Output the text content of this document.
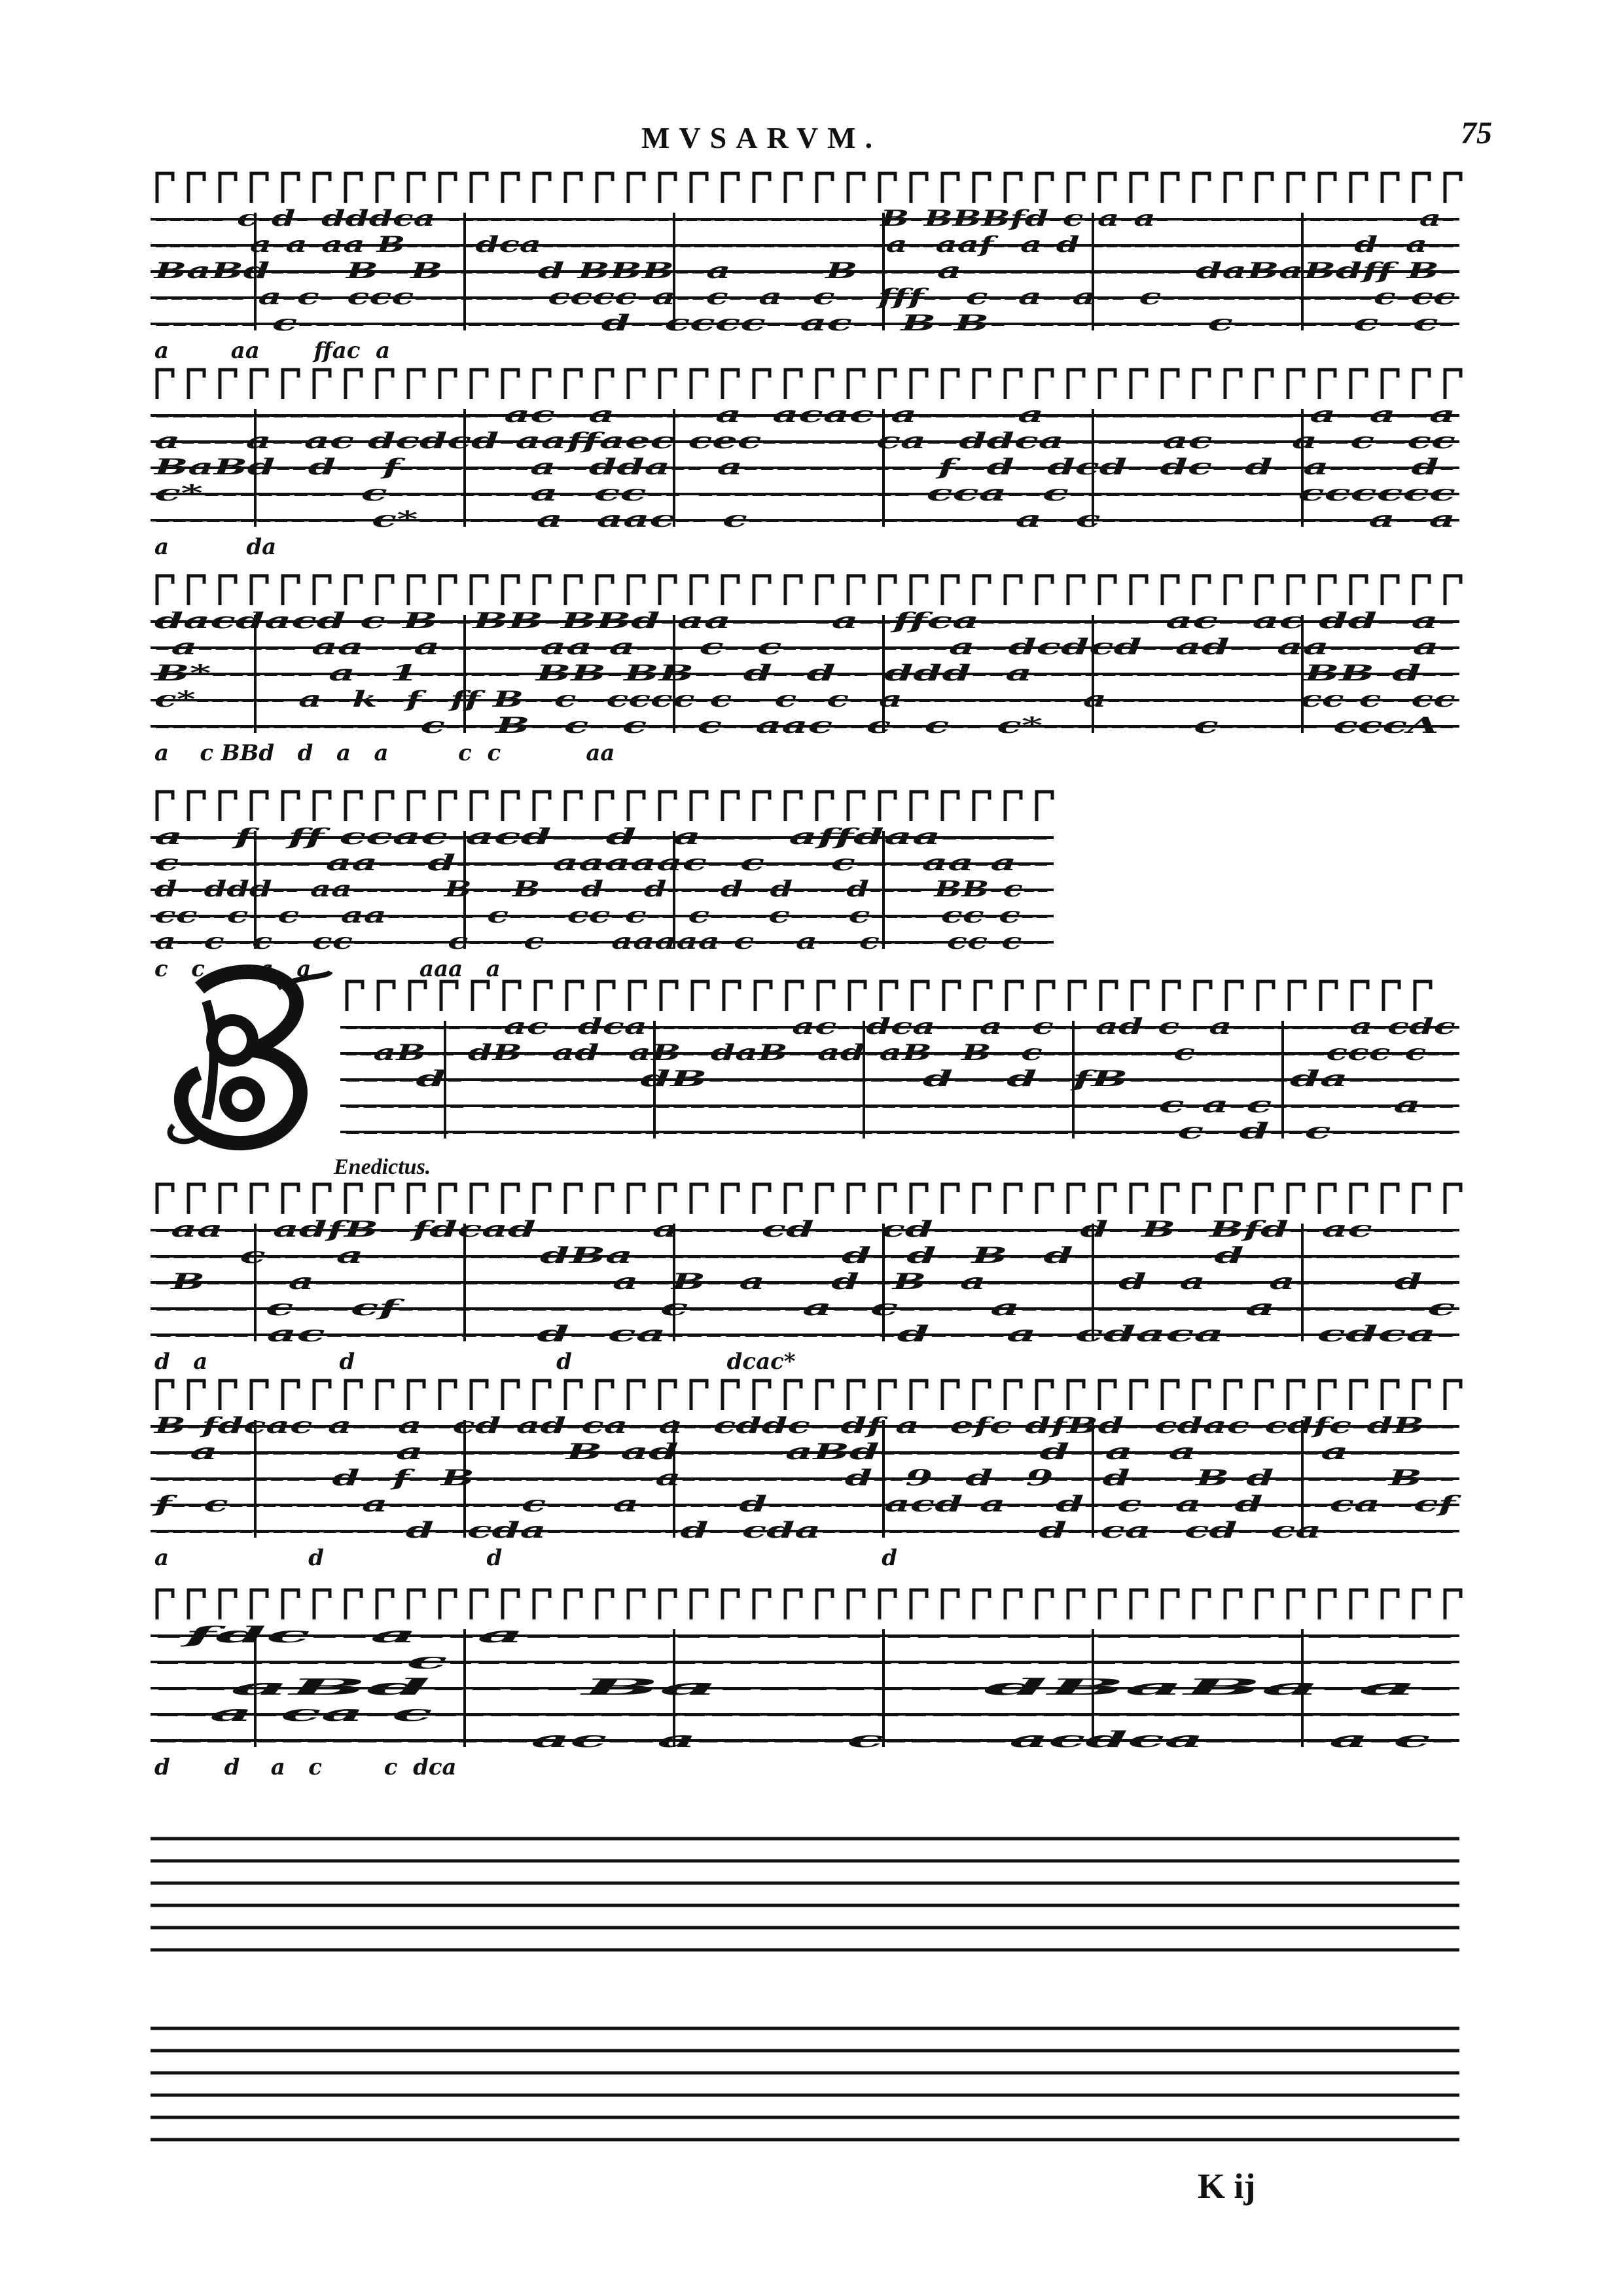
MVSARVM.	75
K ij
Enedictus.
----- c-d- dddca ------------ ----------------- B-BBBfd-c-a-a- -------------- --a-
------ a-a-aa B-----dca----- ----------------- -a--aaf--a-d ------------------ d--a--
BaBd---- B--B------d BBB--a------B-----a-------------- daBaBdff B-
------ a-c- ccc-------- cccc-a--c--a--c-- fff-- c--a--a-- c--------------c-cc
------ c---- ------------ d--cccc--ac-- B-B- ---------- c-------c--c-
a        aa       ffac  a
-------------------- ac--a------a- acac-a------a--------------- a--a--a
a----a--ac dcdcd-aaffaec cec-------ca--ddca------ac---- a--c--cc
BaBd--d-- f--------a--dda-- a----------- f--d--dcd--dc--d- a-----d-
c*-------- c--------a--cc-- ------------ cca--c------------ cccccc
------------ c*-------a--aac-- c--------------- a--c------- --------a--a
a          da
dacdacd c-B--BB-BBd-aa---- -a--ffca---------- ac--ac dd--a-
-a------ aa---a------aa-a--- c--c----------a--dcdcd--ad-- aa-----a-
B*------ a--1------ BB-BB-- d--d-- ddd--a--------------- BB-d--
c*------ a--k--f--ff B--c--cccc-c-- c--c--a------------a------------ cc-c--cc
--------------- c---B--c--c---c--aac--c--c-- c*---------c------ cccA-
a    c BBd   d   a   a         c  c           aa
a-- f--ff ccac-acd---d--a---- affdaa------
c-------- aa---d----- aaaaac--c----c----aa-a--
d--ddd-- aa------ B---B---d---d----d--d----d---- BB-c--
cc--c--c-- aa------ c----cc-c-- c----c----c---- cc-c--
a--c--c-- cc------ c----c---- aaaaa-c---a---c---- cc-c--
c   c       a   a              aaa   a
-------- --ac--dca--------- ac--dca---a--c-- ad-c--a--------a-cdc
--aB-- dB--ad--aB--daB--ad-aB--B--c---------c---------ccc-c--
----d- ---------dB------------d---d--fB---------da------
------- ---------------------------------------c-a-c-------a--
------- ---------------------------------------c--d--c-------
-aa---adfB--fdcad-------a-----cd----cd------- -d--B--Bfd--ac-----
---- c----a----------dBa----------- d--d--B--d--------d------------
-B-----a------------------a--B--a----d--B--a--------d--a--- a------d--
----- c---cf------------- c------a--c---- a----------- a--------c
----- ac-----------d--ca------------d----a--cdaca---- cdca-
d   a                 d                          d                    dcac*
B-fdcac-a---a--cd-ad-ca--a--cddc--df a--efc dfBd--cdac-cdfc-dB--
--a----------a--------B-ad------aBd---------d--a--a-------a------
---------- d--f--B-----------a----------d--9--d--9---d----B-d-------B--
f--c--------a--------c----a------d-------acd-a---d--c--a--d----ca--cf
---------------d--cda--------d--cda-------------d--ca--cd--ca--------
a                  d                     d                                                 d
-fdc--a--a-------------------------------
---------c------------------------------------
--aBd----Ba-------dBaBa-a-
--a-ca-c-------------------------------------
---------------ac--a------c-----acdca-----a-c-
d       d    a   c        c  dca
